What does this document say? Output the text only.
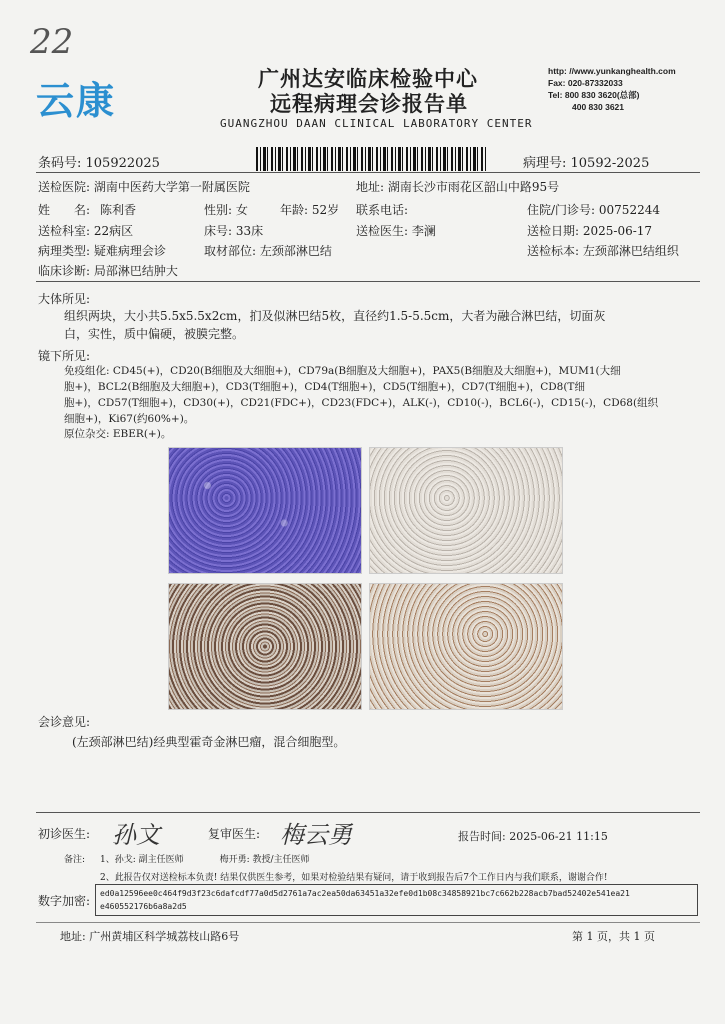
22
云康
广州达安临床检验中心
远程病理会诊报告单
GUANGZHOU DAAN CLINICAL LABORATORY CENTER
http: //www.yunkanghealth.com
Fax: 020-87332033
Tel: 800 830 3620(总部)
400 830 3621
条码号: 105922025	病理号: 10592-2025
送检医院: 湖南中医药大学第一附属医院	地址: 湖南长沙市雨花区韶山中路95号
姓　　名: 陈利香	性别: 女	年龄: 52岁 联系电话:	住院/门诊号: 00752244
送检科室: 22病区	床号: 33床	送检医生: 李澜	送检日期: 2025-06-17
病理类型: 疑难病理会诊	取材部位: 左颈部淋巴结	送检标本: 左颈部淋巴结组织
临床诊断: 局部淋巴结肿大
大体所见:
组织两块，大小共5.5x5.5x2cm，扪及似淋巴结5枚，直径约1.5-5.5cm，大者为融合淋巴结，切面灰
白，实性，质中偏硬，被膜完整。
镜下所见:
免疫组化: CD45(+)，CD20(B细胞及大细胞+)，CD79a(B细胞及大细胞+)，PAX5(B细胞及大细胞+)，MUM1(大细
胞+)，BCL2(B细胞及大细胞+)，CD3(T细胞+)，CD4(T细胞+)，CD5(T细胞+)，CD7(T细胞+)，CD8(T细
胞+)，CD57(T细胞+)，CD30(+)，CD21(FDC+)，CD23(FDC+)，ALK(-)，CD10(-)，BCL6(-)，CD15(-)，CD68(组织
细胞+)，Ki67(约60%+)。
原位杂交: EBER(+)。
会诊意见:
(左颈部淋巴结)经典型霍奇金淋巴瘤，混合细胞型。
初诊医生: 孙文	复审医生: 梅云勇	报告时间: 2025-06-21 11:15
备注: 1、孙戈: 副主任医师　　　　梅开勇: 教授/主任医师
2、此报告仅对送检标本负责! 结果仅供医生参考，如果对检验结果有疑问，请于收到报告后7个工作日内与我们联系，谢谢合作!
数字加密:
ed0a12596ee0c464f9d3f23c6dafcdf77a0d5d2761a7ac2ea50da63451a32efe0d1b08c34858921bc7c662b228acb7bad52402e541ea21
e460552176b6a8a2d5
地址: 广州黄埔区科学城荔枝山路6号	第 1 页，共 1 页
